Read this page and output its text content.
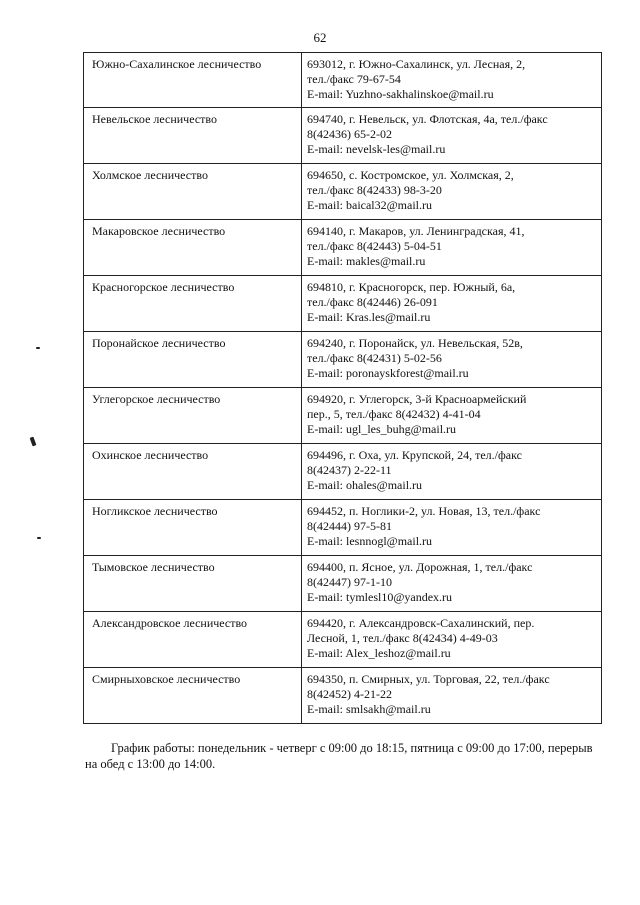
62
Южно-Сахалинское лесничество	693012, г. Южно-Сахалинск, ул. Лесная, 2,
тел./факс 79-67-54
E-mail: Yuzhno-sakhalinskoe@mail.ru

Невельское лесничество	694740, г. Невельск, ул. Флотская, 4а, тел./факс
8(42436) 65-2-02
E-mail: nevelsk-les@mail.ru

Холмское лесничество	694650, с. Костромское, ул. Холмская, 2,
тел./факс 8(42433) 98-3-20
E-mail: baical32@mail.ru

Макаровское лесничество	694140, г. Макаров, ул. Ленинградская, 41,
тел./факс 8(42443) 5-04-51
E-mail: makles@mail.ru

Красногорское лесничество	694810, г. Красногорск, пер. Южный, 6а,
тел./факс 8(42446) 26-091
E-mail: Kras.les@mail.ru

Поронайское лесничество	694240, г. Поронайск, ул. Невельская, 52в,
тел./факс 8(42431) 5-02-56
E-mail: poronayskforest@mail.ru

Углегорское лесничество	694920, г. Углегорск, 3-й Красноармейский
пер., 5, тел./факс 8(42432) 4-41-04
E-mail: ugl_les_buhg@mail.ru

Охинское лесничество	694496, г. Оха, ул. Крупской, 24, тел./факс
8(42437) 2-22-11
E-mail: ohales@mail.ru

Ногликское лесничество	694452, п. Ноглики-2, ул. Новая, 13, тел./факс
8(42444) 97-5-81
E-mail: lesnnogl@mail.ru

Тымовское лесничество	694400, п. Ясное, ул. Дорожная, 1, тел./факс
8(42447) 97-1-10
E-mail: tymlesl10@yandex.ru

Александровское лесничество	694420, г. Александровск-Сахалинский, пер.
Лесной, 1, тел./факс 8(42434) 4-49-03
E-mail: Alex_leshoz@mail.ru

Смирныховское лесничество	694350, п. Смирных, ул. Торговая, 22, тел./факс
8(42452) 4-21-22
E-mail: smlsakh@mail.ru
График работы: понедельник - четверг с 09:00 до 18:15, пятница с 09:00 до 17:00, перерыв на обед с 13:00 до 14:00.
